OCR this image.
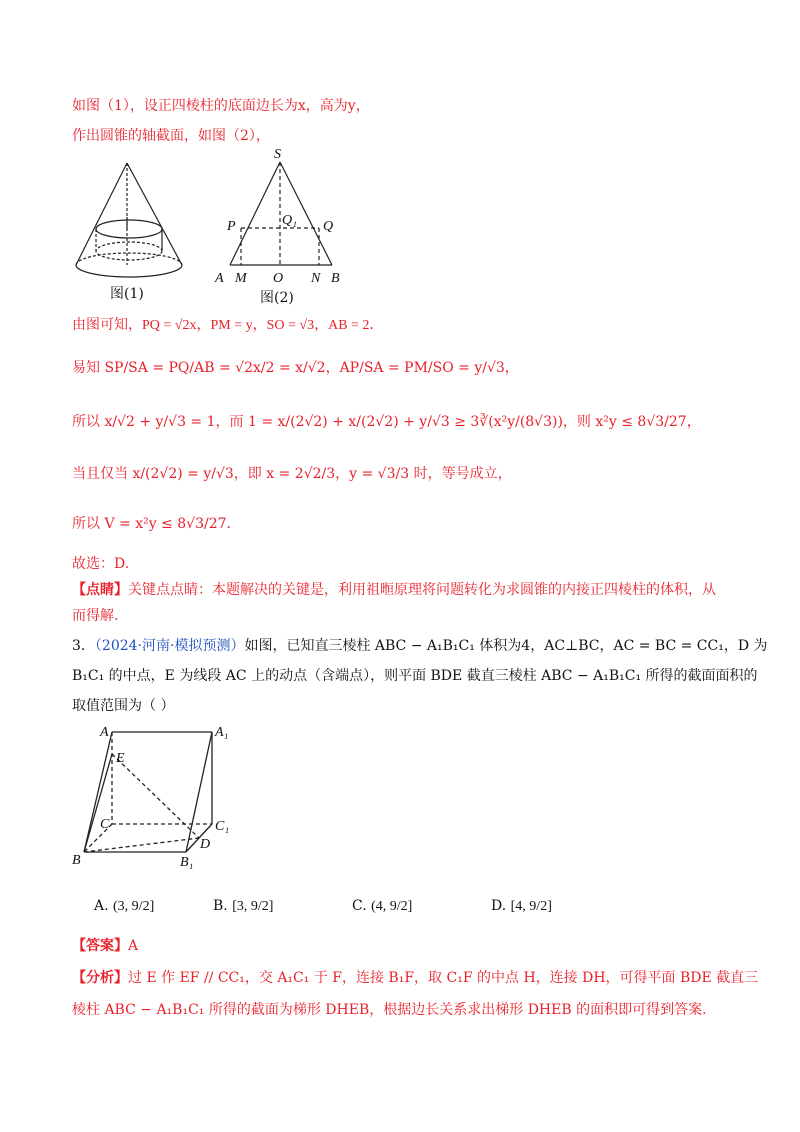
如图（1），设正四棱柱的底面边长为x，高为y，
作出圆锥的轴截面，如图（2），
图(1)
S
P	Q₁ Q
A M O N B
图(2)
由图可知，PQ = √2x，PM = y，SO = √3，AB = 2．
易知 SP/SA = PQ/AB = √2x/2 = x/√2，AP/SA = PM/SO = y/√3，
所以 x/√2 + y/√3 = 1，而 1 = x/(2√2) + x/(2√2) + y/√3 ≥ 3∛(x²y/(8√3))，则 x²y ≤ 8√3/27，
当且仅当 x/(2√2) = y/√3，即 x = 2√2/3，y = √3/3 时，等号成立，
所以 V = x²y ≤ 8√3/27．
故选：D.
【点睛】关键点点睛：本题解决的关键是，利用祖暅原理将问题转化为求圆锥的内接正四棱柱的体积，从
而得解.
3．（2024·河南·模拟预测）如图，已知直三棱柱 ABC − A₁B₁C₁ 体积为4，AC⊥BC，AC = BC = CC₁，D 为
B₁C₁ 的中点，E 为线段 AC 上的动点（含端点），则平面 BDE 截直三棱柱 ABC − A₁B₁C₁ 所得的截面面积的
取值范围为（ ）
A	A₁
E
C	C₁
B
D
B₁
A. (3, 9/2]	B. [3, 9/2]	C. (4, 9/2]	D. [4, 9/2]
【答案】A
【分析】过 E 作 EF // CC₁，交 A₁C₁ 于 F，连接 B₁F，取 C₁F 的中点 H，连接 DH，可得平面 BDE 截直三
棱柱 ABC − A₁B₁C₁ 所得的截面为梯形 DHEB，根据边长关系求出梯形 DHEB 的面积即可得到答案.
